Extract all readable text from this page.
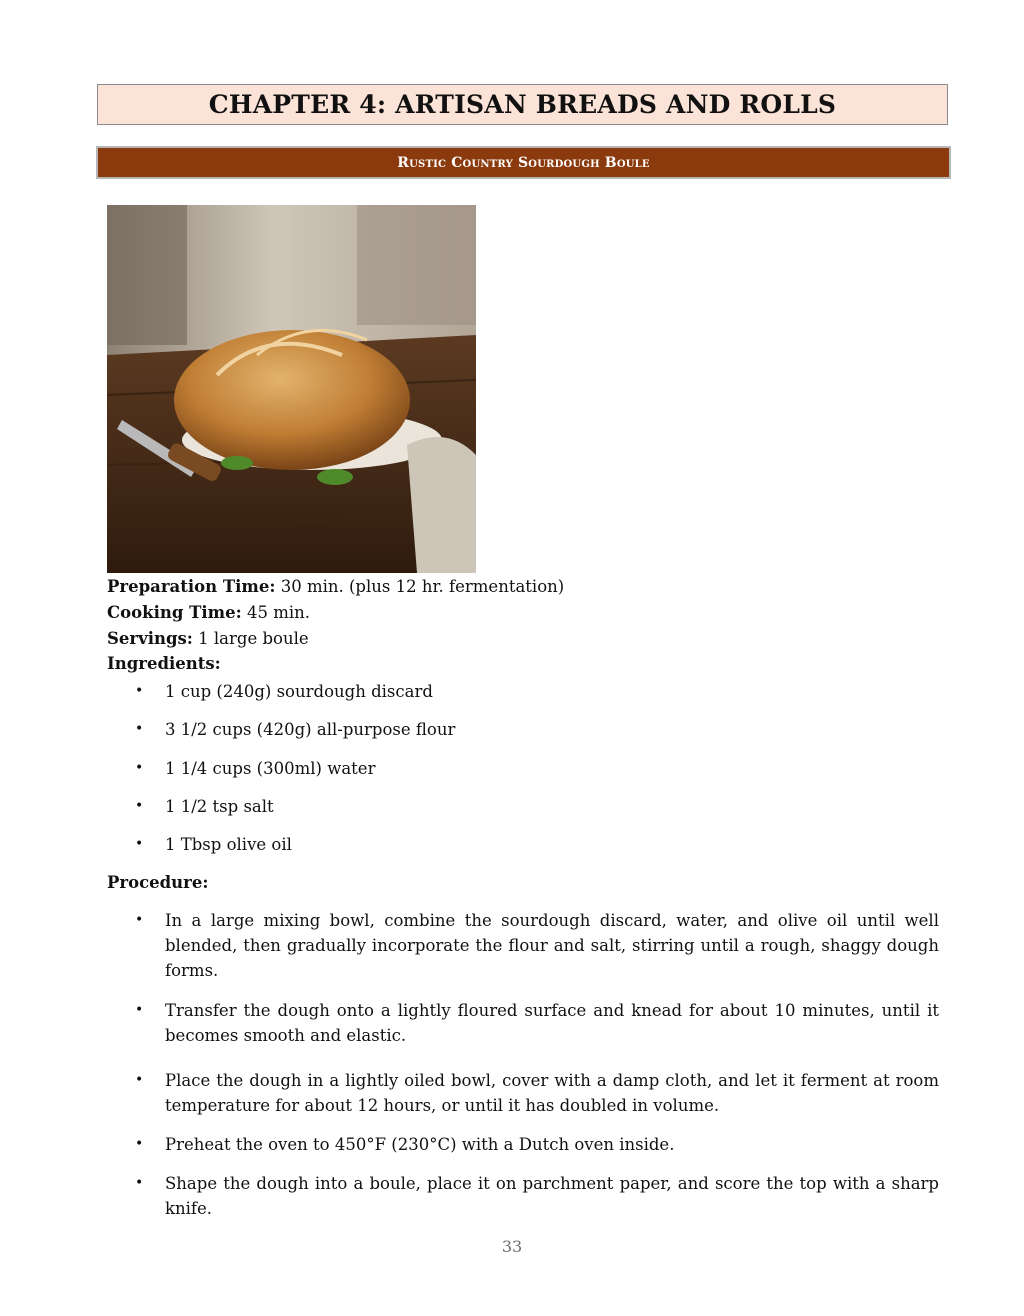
CHAPTER 4: ARTISAN BREADS AND ROLLS
Rustic Country Sourdough Boule
Preparation Time: 30 min. (plus 12 hr. fermentation)
Cooking Time: 45 min.
Servings: 1 large boule
Ingredients:
• 1 cup (240g) sourdough discard
• 3 1/2 cups (420g) all-purpose flour
• 1 1/4 cups (300ml) water
• 1 1/2 tsp salt
• 1 Tbsp olive oil
Procedure:
• In a large mixing bowl, combine the sourdough discard, water, and olive oil until well blended, then gradually incorporate the flour and salt, stirring until a rough, shaggy dough forms.
• Transfer the dough onto a lightly floured surface and knead for about 10 minutes, until it becomes smooth and elastic.
• Place the dough in a lightly oiled bowl, cover with a damp cloth, and let it ferment at room temperature for about 12 hours, or until it has doubled in volume.
• Preheat the oven to 450°F (230°C) with a Dutch oven inside.
• Shape the dough into a boule, place it on parchment paper, and score the top with a sharp knife.
33
